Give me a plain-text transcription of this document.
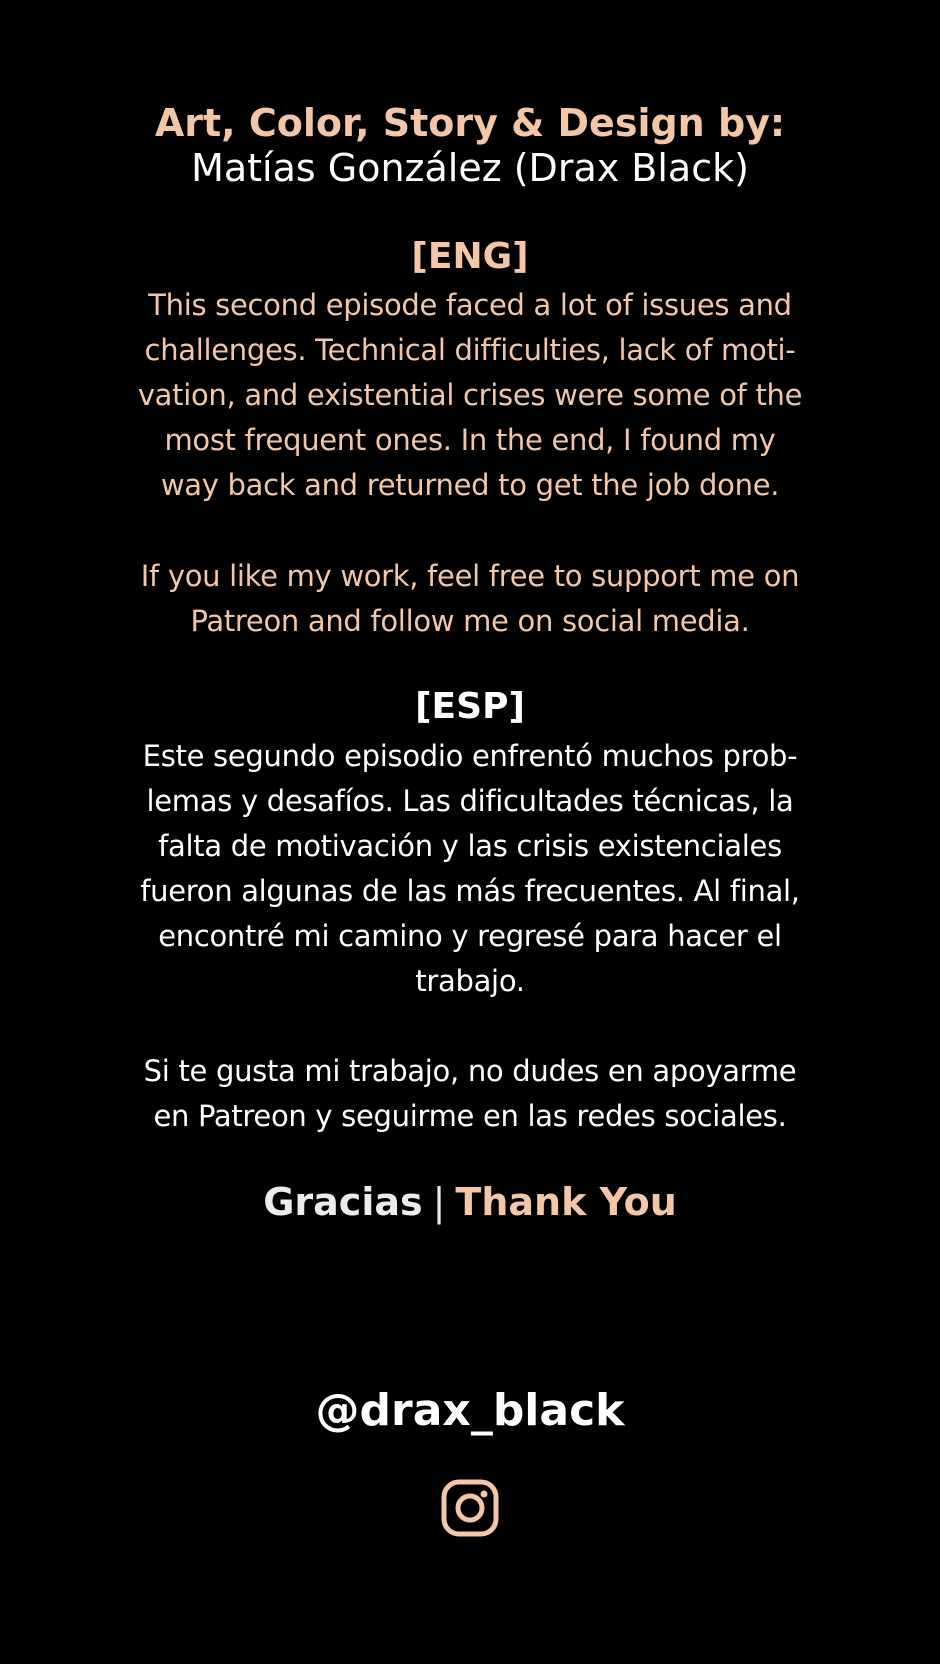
Art, Color, Story & Design by:
Matías González (Drax Black)
[ENG]
This second episode faced a lot of issues and
challenges. Technical difficulties, lack of moti-
vation, and existential crises were some of the
most frequent ones. In the end, I found my
way back and returned to get the job done.
If you like my work, feel free to support me on
Patreon and follow me on social media.
[ESP]
Este segundo episodio enfrentó muchos prob-
lemas y desafíos. Las dificultades técnicas, la
falta de motivación y las crisis existenciales
fueron algunas de las más frecuentes. Al final,
encontré mi camino y regresé para hacer el
trabajo.
Si te gusta mi trabajo, no dudes en apoyarme
en Patreon y seguirme en las redes sociales.
Gracias | Thank You
@drax_black
